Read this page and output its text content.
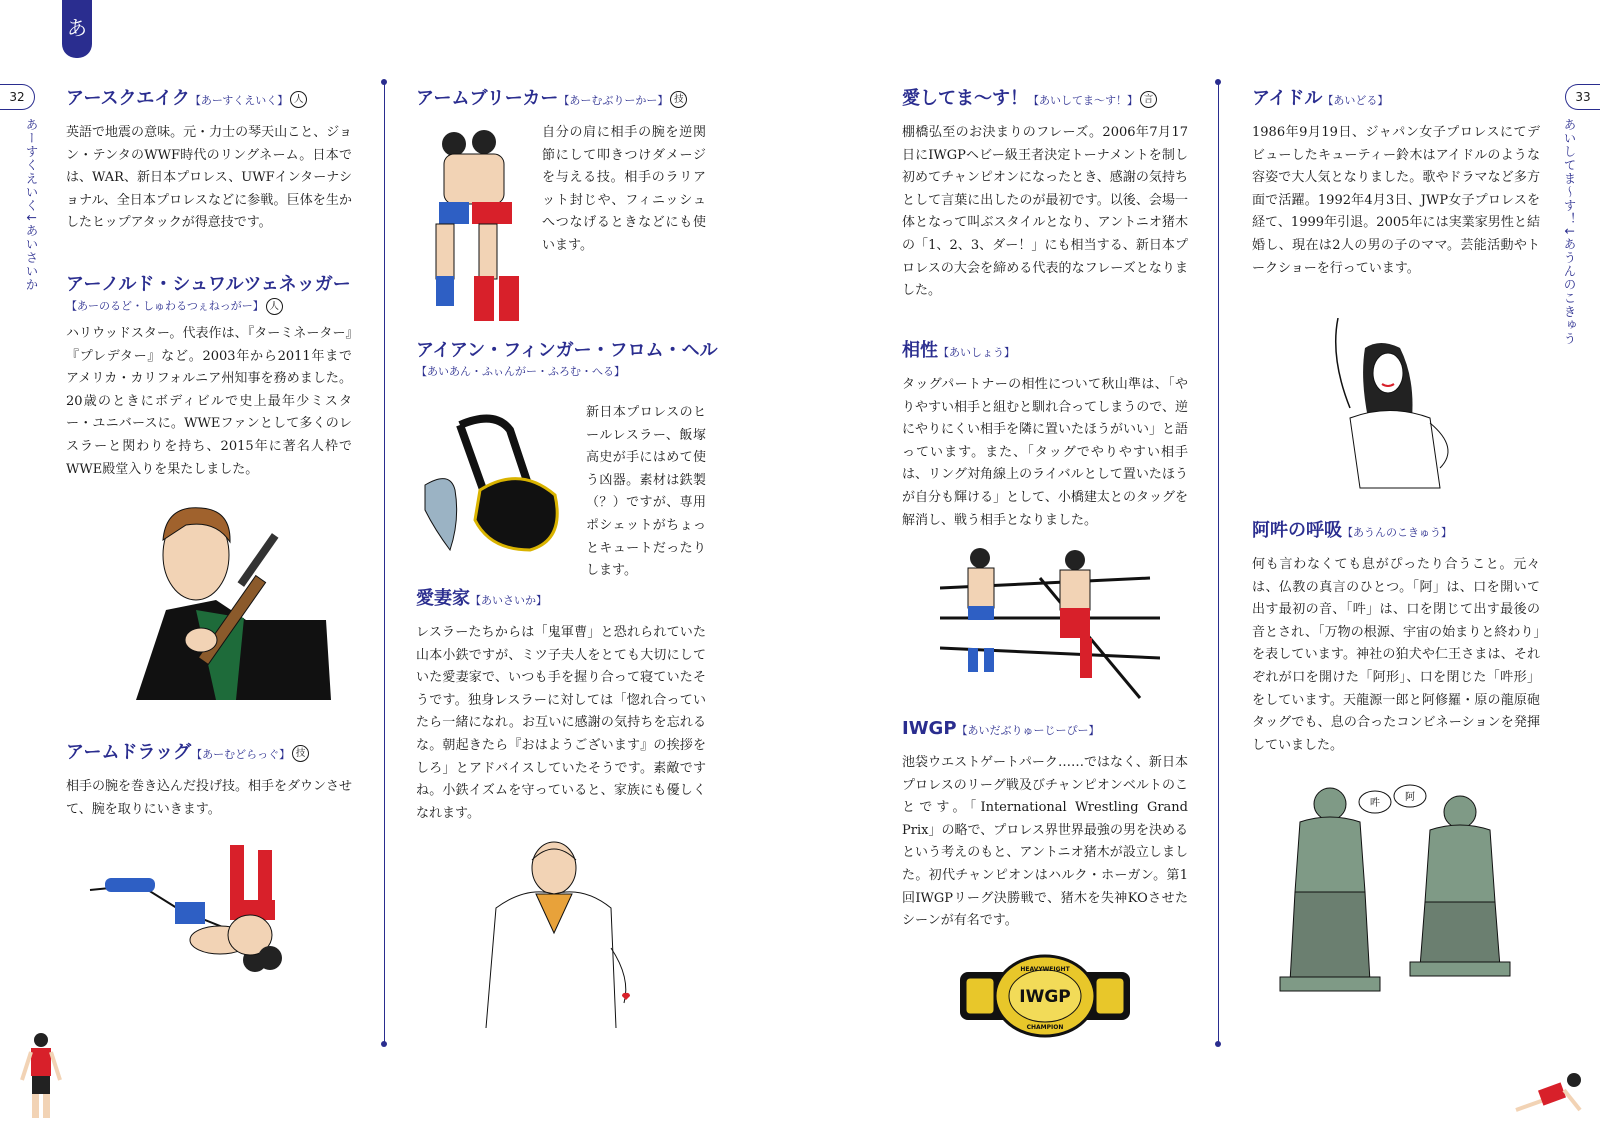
あ
32	33
あーすくえいく↓あいさいか	あいしてま〜す！↓あうんのこきゅう
アースクエイク【あーすくえいく】 人
英語で地震の意味。元・力士の琴天山こと、ジョン・テンタのWWF時代のリングネーム。日本では、WAR、新日本プロレス、UWFインターナショナル、全日本プロレスなどに参戦。巨体を生かしたヒップアタックが得意技です。
アーノルド・シュワルツェネッガー
【あーのるど・しゅわるつぇねっがー】 人
ハリウッドスター。代表作は、『ターミネーター』『プレデター』など。2003年から2011年までアメリカ・カリフォルニア州知事を務めました。20歳のときにボディビルで史上最年少ミスター・ユニバースに。WWEファンとして多くのレスラーと関わりを持ち、2015年に著名人枠でWWE殿堂入りを果たしました。
アームドラッグ【あーむどらっぐ】 技
相手の腕を巻き込んだ投げ技。相手をダウンさせて、腕を取りにいきます。
アームブリーカー【あーむぶりーかー】 技
自分の肩に相手の腕を逆関節にして叩きつけダメージを与える技。相手のラリアット封じや、フィニッシュへつなげるときなどにも使います。
アイアン・フィンガー・フロム・ヘル
【あいあん・ふぃんがー・ふろむ・へる】
新日本プロレスのヒールレスラー、飯塚高史が手にはめて使う凶器。素材は鉄製（？）ですが、専用ポシェットがちょっとキュートだったりします。
愛妻家【あいさいか】
レスラーたちからは「鬼軍曹」と恐れられていた山本小鉄ですが、ミツ子夫人をとても大切にしていた愛妻家で、いつも手を握り合って寝ていたそうです。独身レスラーに対しては「惚れ合っていたら一緒になれ。お互いに感謝の気持ちを忘れるな。朝起きたら『おはようございます』の挨拶をしろ」とアドバイスしていたそうです。素敵ですね。小鉄イズムを守っていると、家族にも優しくなれます。
愛してま〜す！【あいしてま〜す！】 言
棚橋弘至のお決まりのフレーズ。2006年7月17日にIWGPヘビー級王者決定トーナメントを制し初めてチャンピオンになったとき、感謝の気持ちとして言葉に出したのが最初です。以後、会場一体となって叫ぶスタイルとなり、アントニオ猪木の「1、2、3、ダー！」にも相当する、新日本プロレスの大会を締める代表的なフレーズとなりました。
相性【あいしょう】
タッグパートナーの相性について秋山準は、「やりやすい相手と組むと馴れ合ってしまうので、逆にやりにくい相手を隣に置いたほうがいい」と語っています。また、「タッグでやりやすい相手は、リング対角線上のライバルとして置いたほうが自分も輝ける」として、小橋建太とのタッグを解消し、戦う相手となりました。
IWGP【あいだぶりゅーじーぴー】
池袋ウエストゲートパーク……ではなく、新日本プロレスのリーグ戦及びチャンピオンベルトのことです。「International Wrestling Grand Prix」の略で、プロレス界世界最強の男を決めるという考えのもと、アントニオ猪木が設立しました。初代チャンピオンはハルク・ホーガン。第1回IWGPリーグ決勝戦で、猪木を失神KOさせたシーンが有名です。
HEAVYWEIGHT
IWGP
CHAMPION
アイドル【あいどる】
1986年9月19日、ジャパン女子プロレスにてデビューしたキューティー鈴木はアイドルのような容姿で大人気となりました。歌やドラマなど多方面で活躍。1992年4月3日、JWP女子プロレスを経て、1999年引退。2005年には実業家男性と結婚し、現在は2人の男の子のママ。芸能活動やトークショーを行っています。
阿吽の呼吸【あうんのこきゅう】
何も言わなくても息がぴったり合うこと。元々は、仏教の真言のひとつ。「阿」は、口を開いて出す最初の音、「吽」は、口を閉じて出す最後の音とされ、「万物の根源、宇宙の始まりと終わり」を表しています。神社の狛犬や仁王さまは、それぞれが口を開けた「阿形」、口を閉じた「吽形」をしています。天龍源一郎と阿修羅・原の龍原砲タッグでも、息の合ったコンビネーションを発揮していました。
吽
阿
